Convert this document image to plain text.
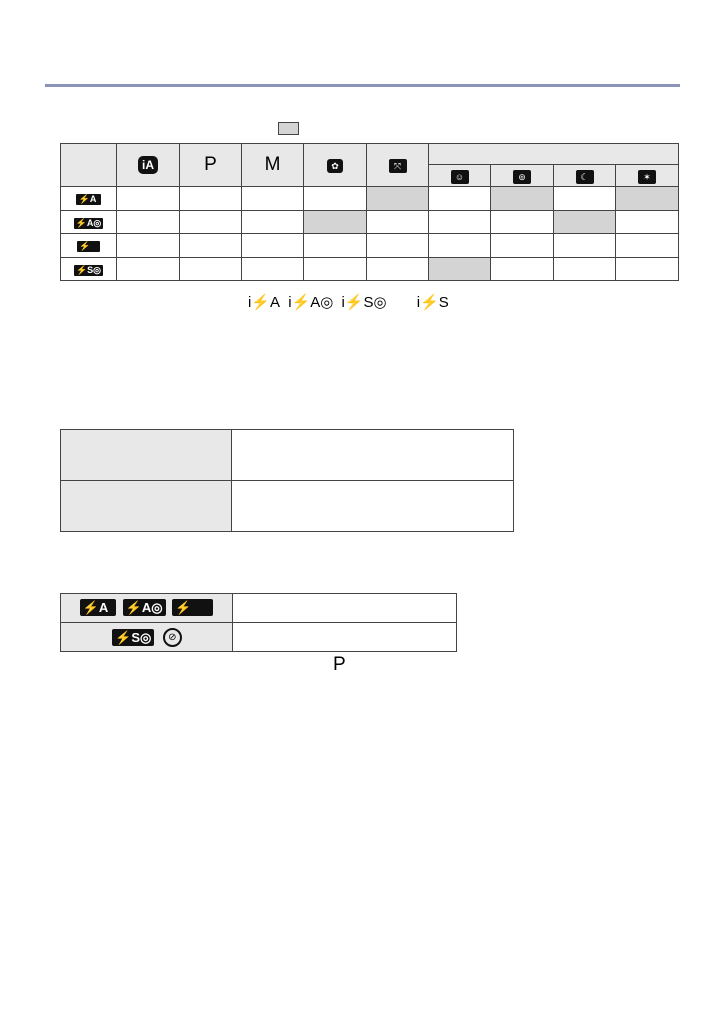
	iA	P	M	✿	⤧				
						☺	⊚	☾	✶
⚡A									
⚡A◎									
⚡									
⚡S◎									
i⚡A i⚡A◎ i⚡S◎ i⚡S

⚡A ⚡A◎ ⚡	
⚡S◎ ⊘	
P
